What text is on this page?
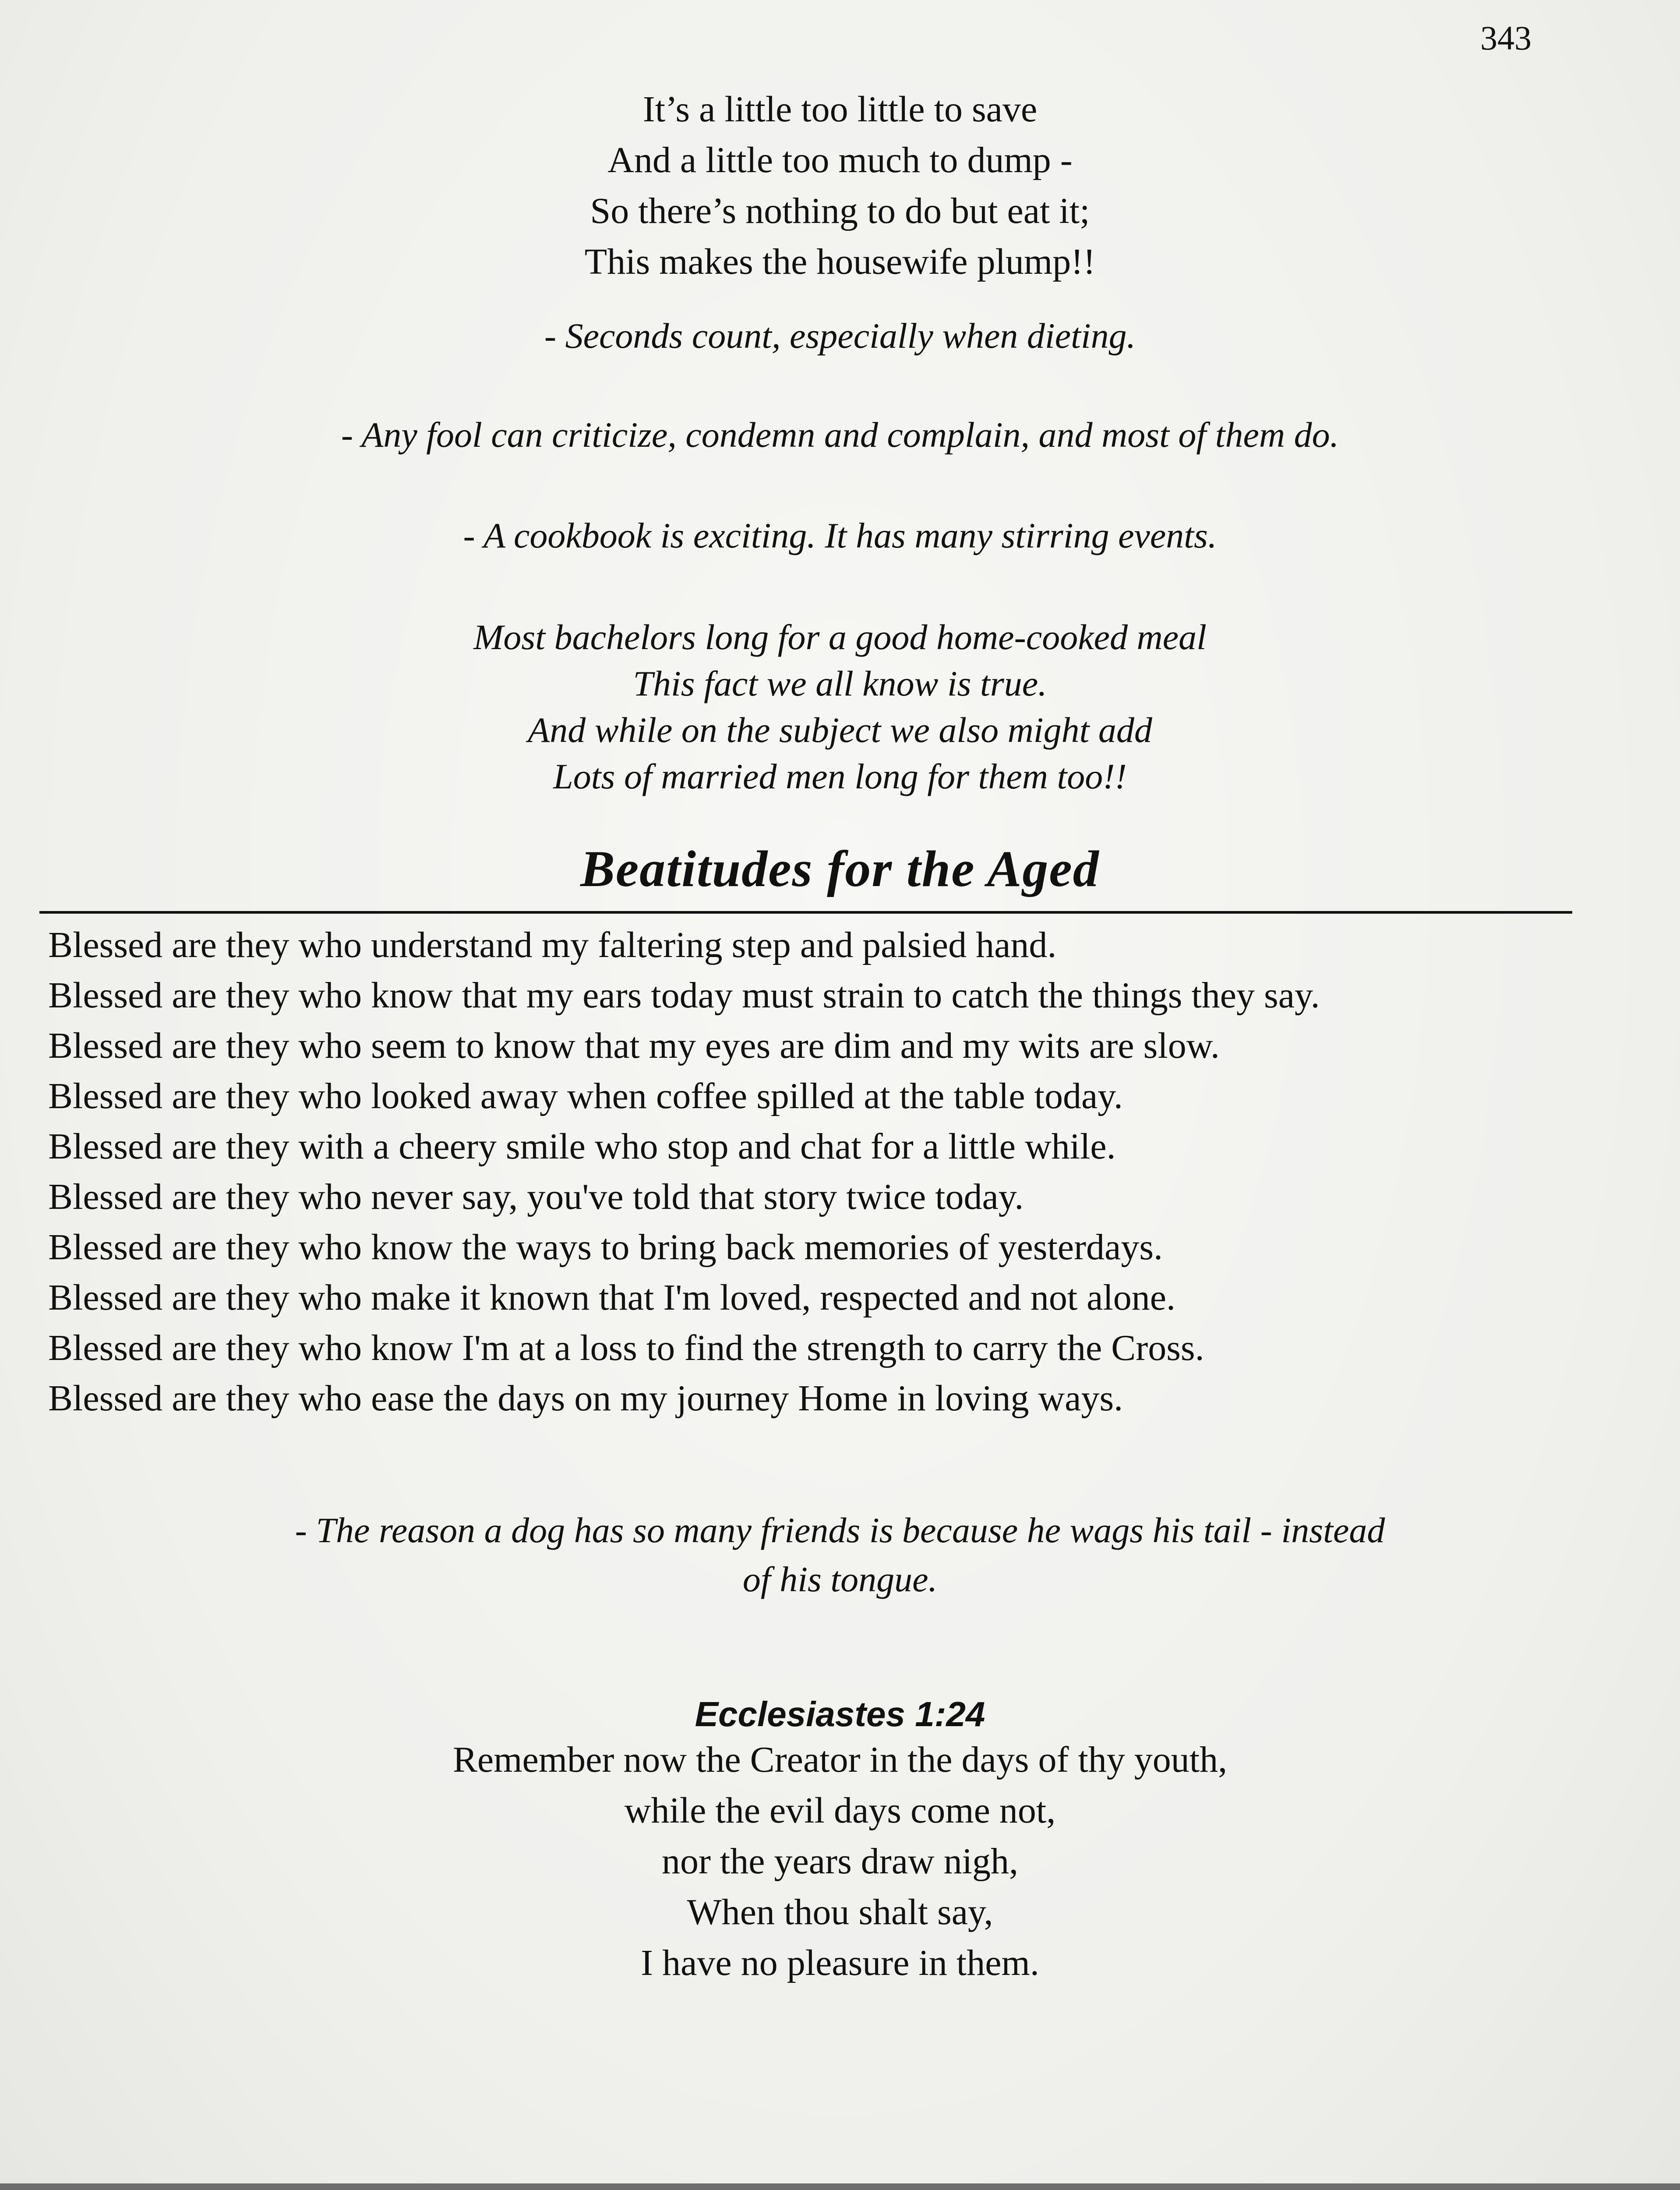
343
It’s a little too little to save
And a little too much to dump -
So there’s nothing to do but eat it;
This makes the housewife plump!!
- Seconds count, especially when dieting.
- Any fool can criticize, condemn and complain, and most of them do.
- A cookbook is exciting. It has many stirring events.
Most bachelors long for a good home-cooked meal
This fact we all know is true.
And while on the subject we also might add
Lots of married men long for them too!!
Beatitudes for the Aged

Blessed are they who understand my faltering step and palsied hand.

Blessed are they who know that my ears today must strain to catch the things they say.

Blessed are they who seem to know that my eyes are dim and my wits are slow.

Blessed are they who looked away when coffee spilled at the table today.

Blessed are they with a cheery smile who stop and chat for a little while.

Blessed are they who never say, you've told that story twice today.

Blessed are they who know the ways to bring back memories of yesterdays.

Blessed are they who make it known that I'm loved, respected and not alone.

Blessed are they who know I'm at a loss to find the strength to carry the Cross.

Blessed are they who ease the days on my journey Home in loving ways.

- The reason a dog has so many friends is because he wags his tail - instead
of his tongue.
Ecclesiastes 1:24
Remember now the Creator in the days of thy youth,
while the evil days come not,
nor the years draw nigh,
When thou shalt say,
I have no pleasure in them.
